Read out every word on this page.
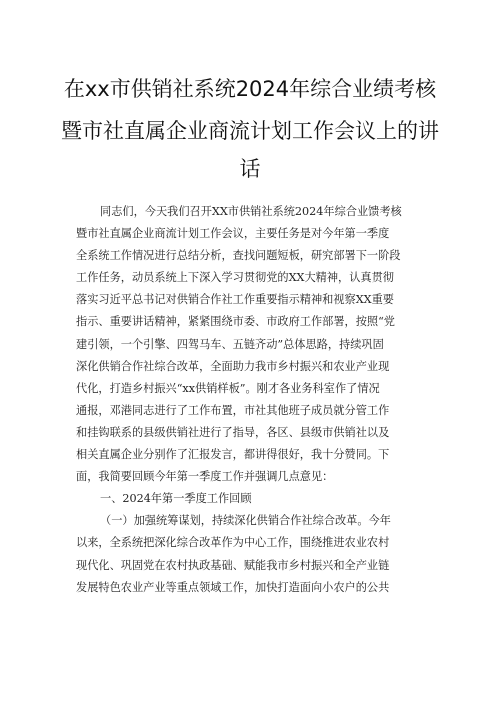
在xx市供销社系统2024年综合业绩考核
暨市社直属企业商流计划工作会议上的讲
话
同志们，今天我们召开XX市供销社系统2024年综合业馈考核
暨市社直属企业商流计划工作会议，主要任务是对今年第一季度
全系统工作情况进行总结分析，查找问题短板，研究部署下一阶段
工作任务，动员系统上下深入学习贯彻党的XX大精神，认真贯彻
落实习近平总书记对供销合作社工作重要指示精神和视察XX重要
指示、重要讲话精神，紧紧围绕市委、市政府工作部署，按照“党
建引领，一个引擎、四驾马车、五链齐动”总体思路，持续巩固
深化供销合作社综合改革，全面助力我市乡村振兴和农业产业现
代化，打造乡村振兴“xx供销样板”。刚才各业务科室作了情况
通报，邓港同志进行了工作布置，市社其他班子成员就分管工作
和挂钩联系的县级供销社进行了指导，各区、县级市供销社以及
相关直属企业分别作了汇报发言，都讲得很好，我十分赞同。下
面，我简要回顾今年第一季度工作并强调几点意见：
一、2024年第一季度工作回顾
（一）加强统筹谋划，持续深化供销合作社综合改革。今年
以来，全系统把深化综合改革作为中心工作，围绕推进农业农村
现代化、巩固党在农村执政基础、赋能我市乡村振兴和全产业链
发展特色农业产业等重点领域工作，加快打造面向小农户的公共
